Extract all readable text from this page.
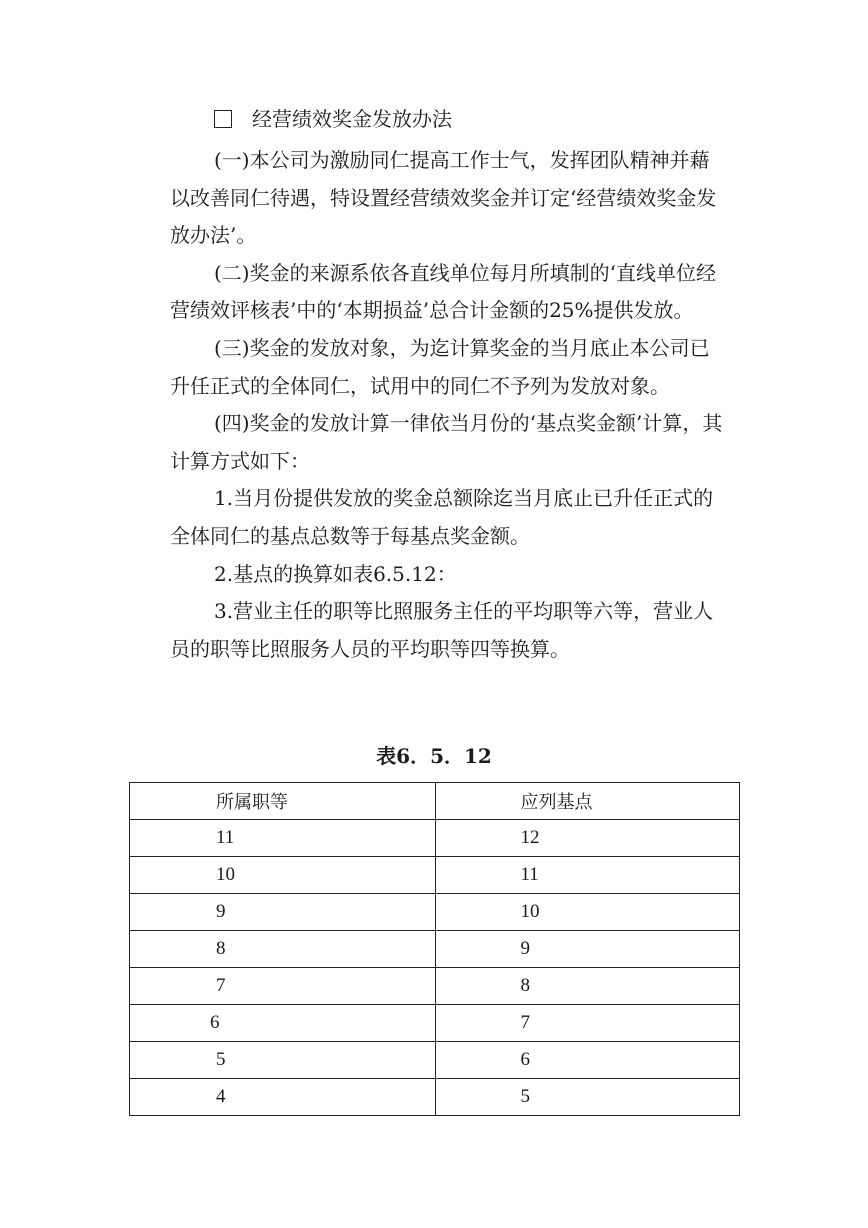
经营绩效奖金发放办法

(一)本公司为激励同仁提高工作士气，发挥团队精神并藉以改善同仁待遇，特设置经营绩效奖金并订定‘经营绩效奖金发放办法’。

(二)奖金的来源系依各直线单位每月所填制的‘直线单位经营绩效评核表’中的‘本期损益’总合计金额的25%提供发放。

(三)奖金的发放对象，为迄计算奖金的当月底止本公司已升任正式的全体同仁，试用中的同仁不予列为发放对象。

(四)奖金的发放计算一律依当月份的‘基点奖金额’计算，其计算方式如下：

1.当月份提供发放的奖金总额除迄当月底止已升任正式的全体同仁的基点总数等于每基点奖金额。

2.基点的换算如表6.5.12：

3.营业主任的职等比照服务主任的平均职等六等，营业人员的职等比照服务人员的平均职等四等换算。

表6．5．12
所属职等	应列基点
11	12
10	11
9	10
8	9
7	8
6	7
5	6
4	5
